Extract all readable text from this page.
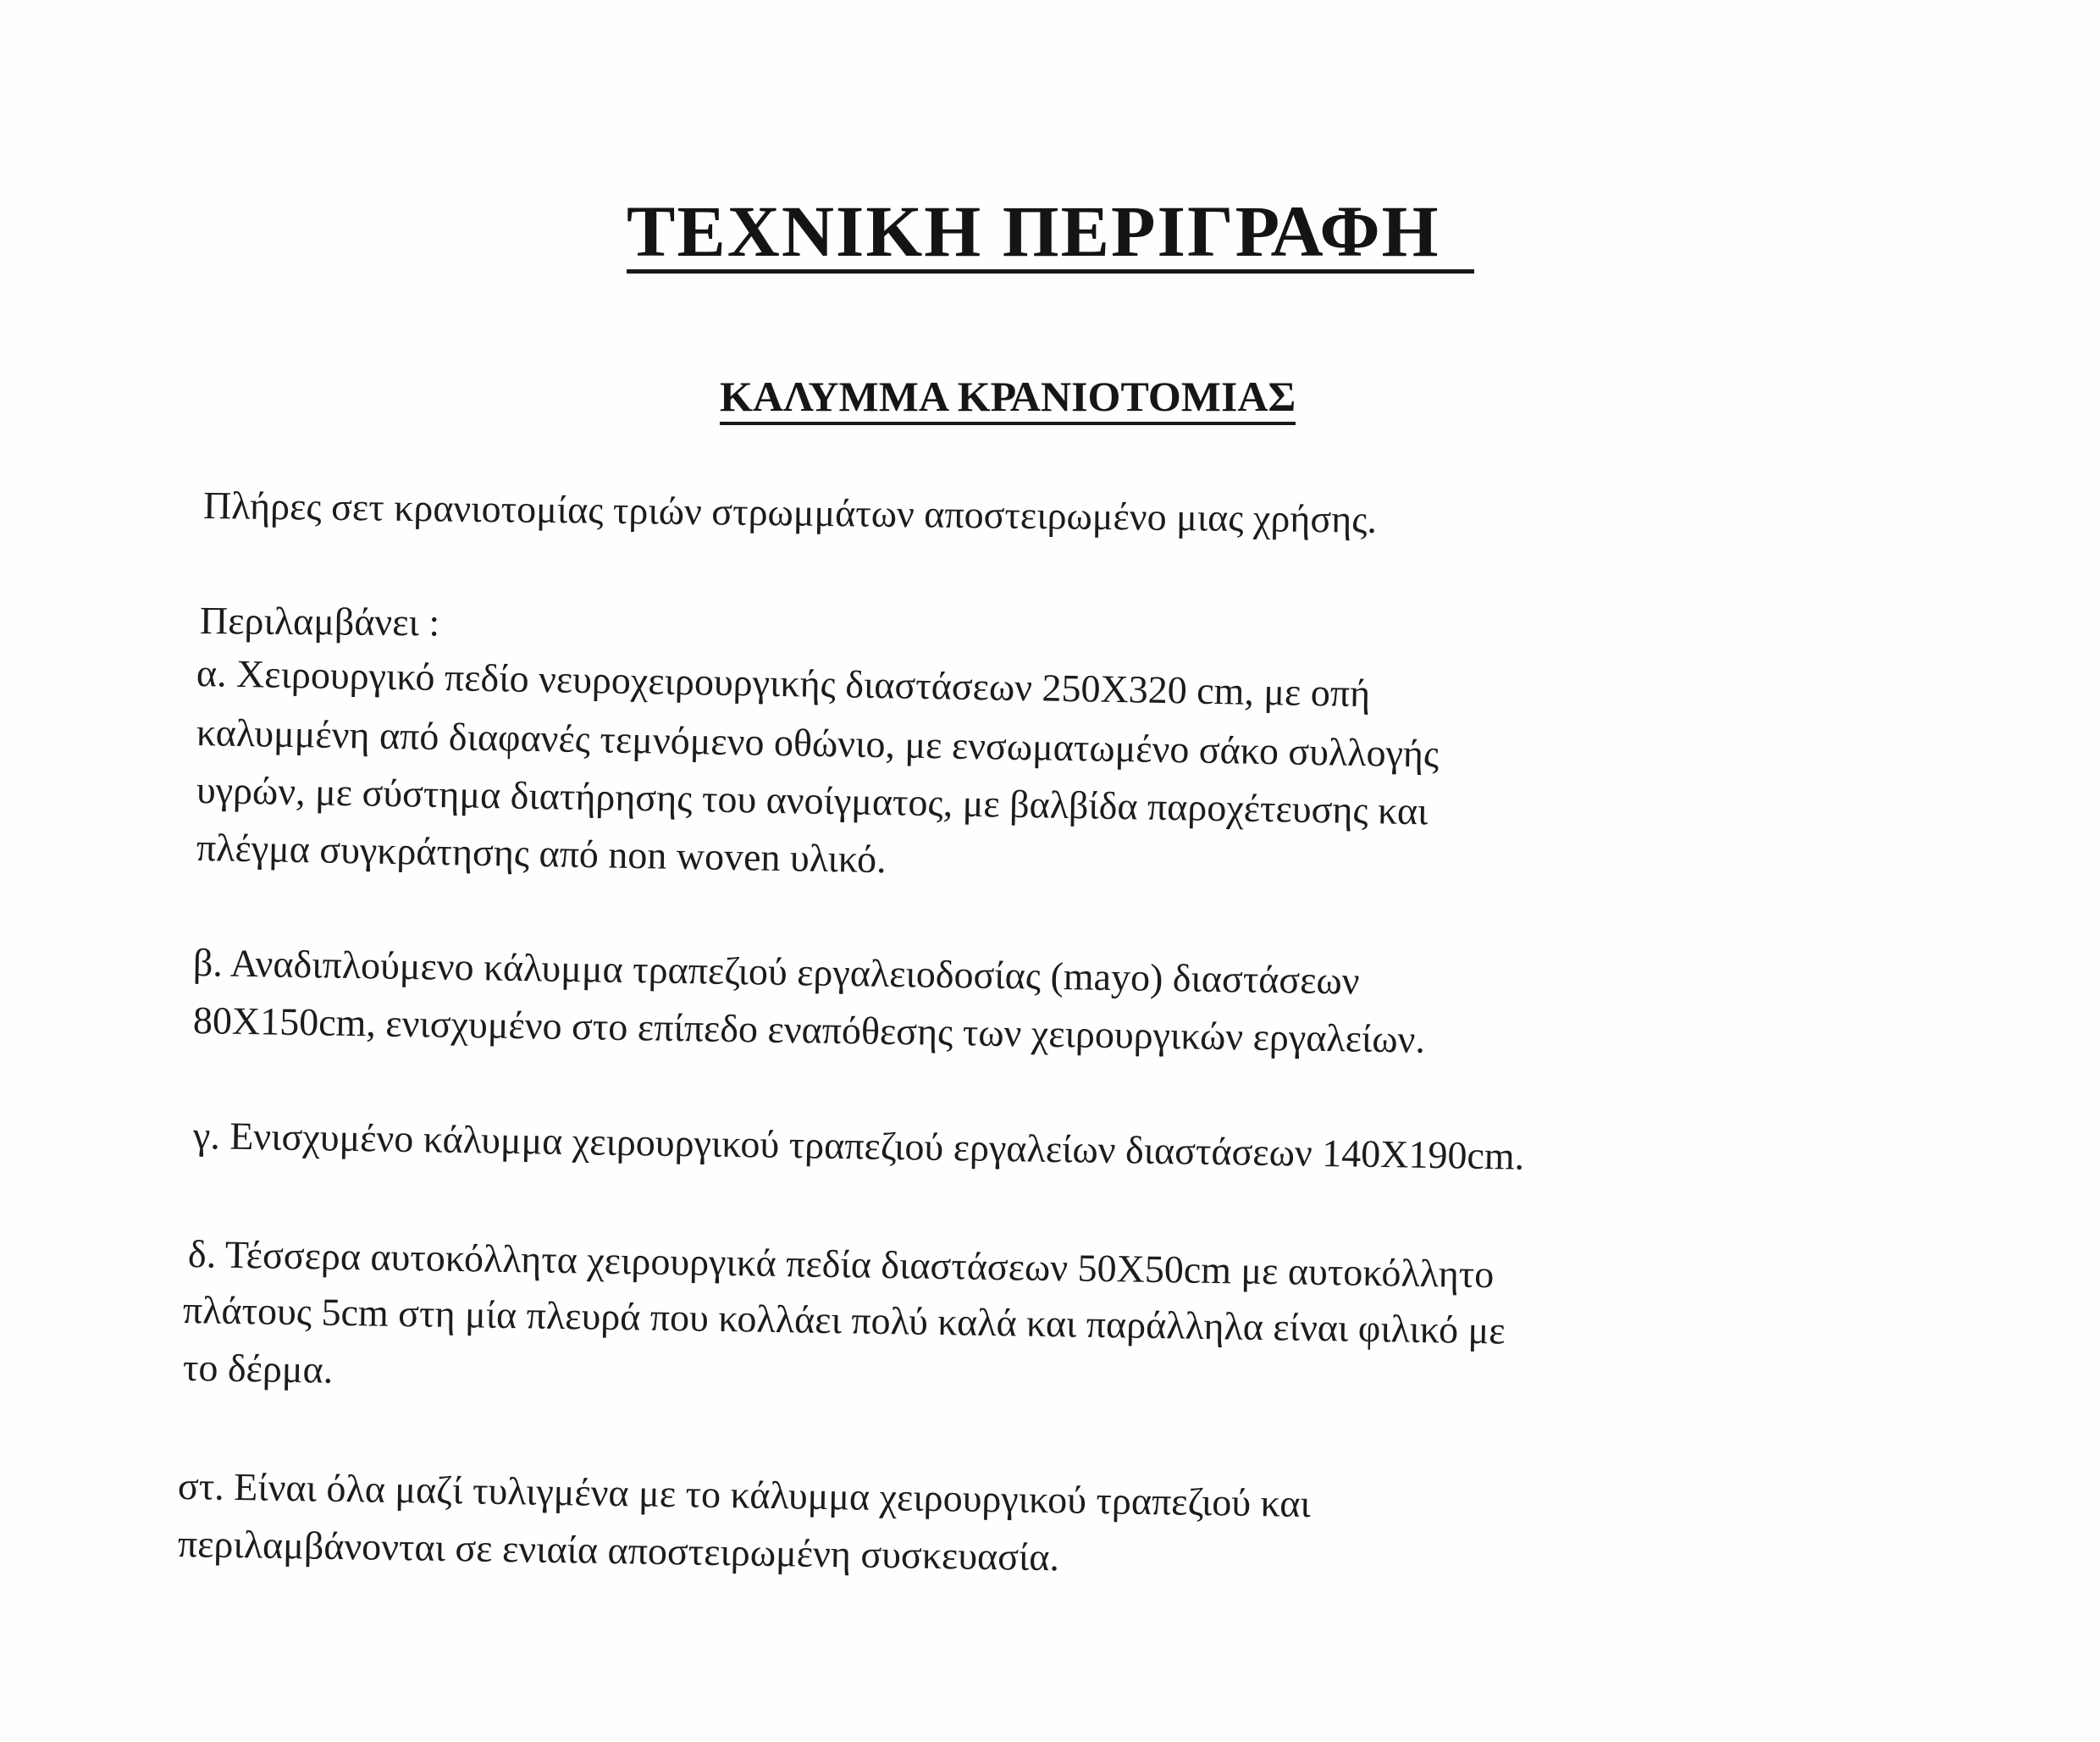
ΤΕΧΝΙΚΗ ΠΕΡΙΓΡΑΦΗ
ΚΑΛΥΜΜΑ ΚΡΑΝΙΟΤΟΜΙΑΣ
Πλήρες σετ κρανιοτομίας τριών στρωμμάτων αποστειρωμένο μιας χρήσης.
Περιλαμβάνει :
α. Χειρουργικό πεδίο νευροχειρουργικής διαστάσεων 250Χ320 cm, με οπή
καλυμμένη από διαφανές τεμνόμενο οθώνιο, με ενσωματωμένο σάκο συλλογής
υγρών, με σύστημα διατήρησης του ανοίγματος, με βαλβίδα παροχέτευσης και
πλέγμα συγκράτησης από non woven υλικό.
β. Αναδιπλούμενο κάλυμμα τραπεζιού εργαλειοδοσίας (mayo) διαστάσεων
80Χ150cm, ενισχυμένο στο επίπεδο εναπόθεσης των χειρουργικών εργαλείων.
γ. Ενισχυμένο κάλυμμα χειρουργικού τραπεζιού εργαλείων διαστάσεων 140Χ190cm.
δ. Τέσσερα αυτοκόλλητα χειρουργικά πεδία διαστάσεων 50Χ50cm με αυτοκόλλητο
πλάτους 5cm στη μία πλευρά που κολλάει πολύ καλά και παράλληλα είναι φιλικό με
το δέρμα.
στ. Είναι όλα μαζί τυλιγμένα με το κάλυμμα χειρουργικού τραπεζιού και
περιλαμβάνονται σε ενιαία αποστειρωμένη συσκευασία.
